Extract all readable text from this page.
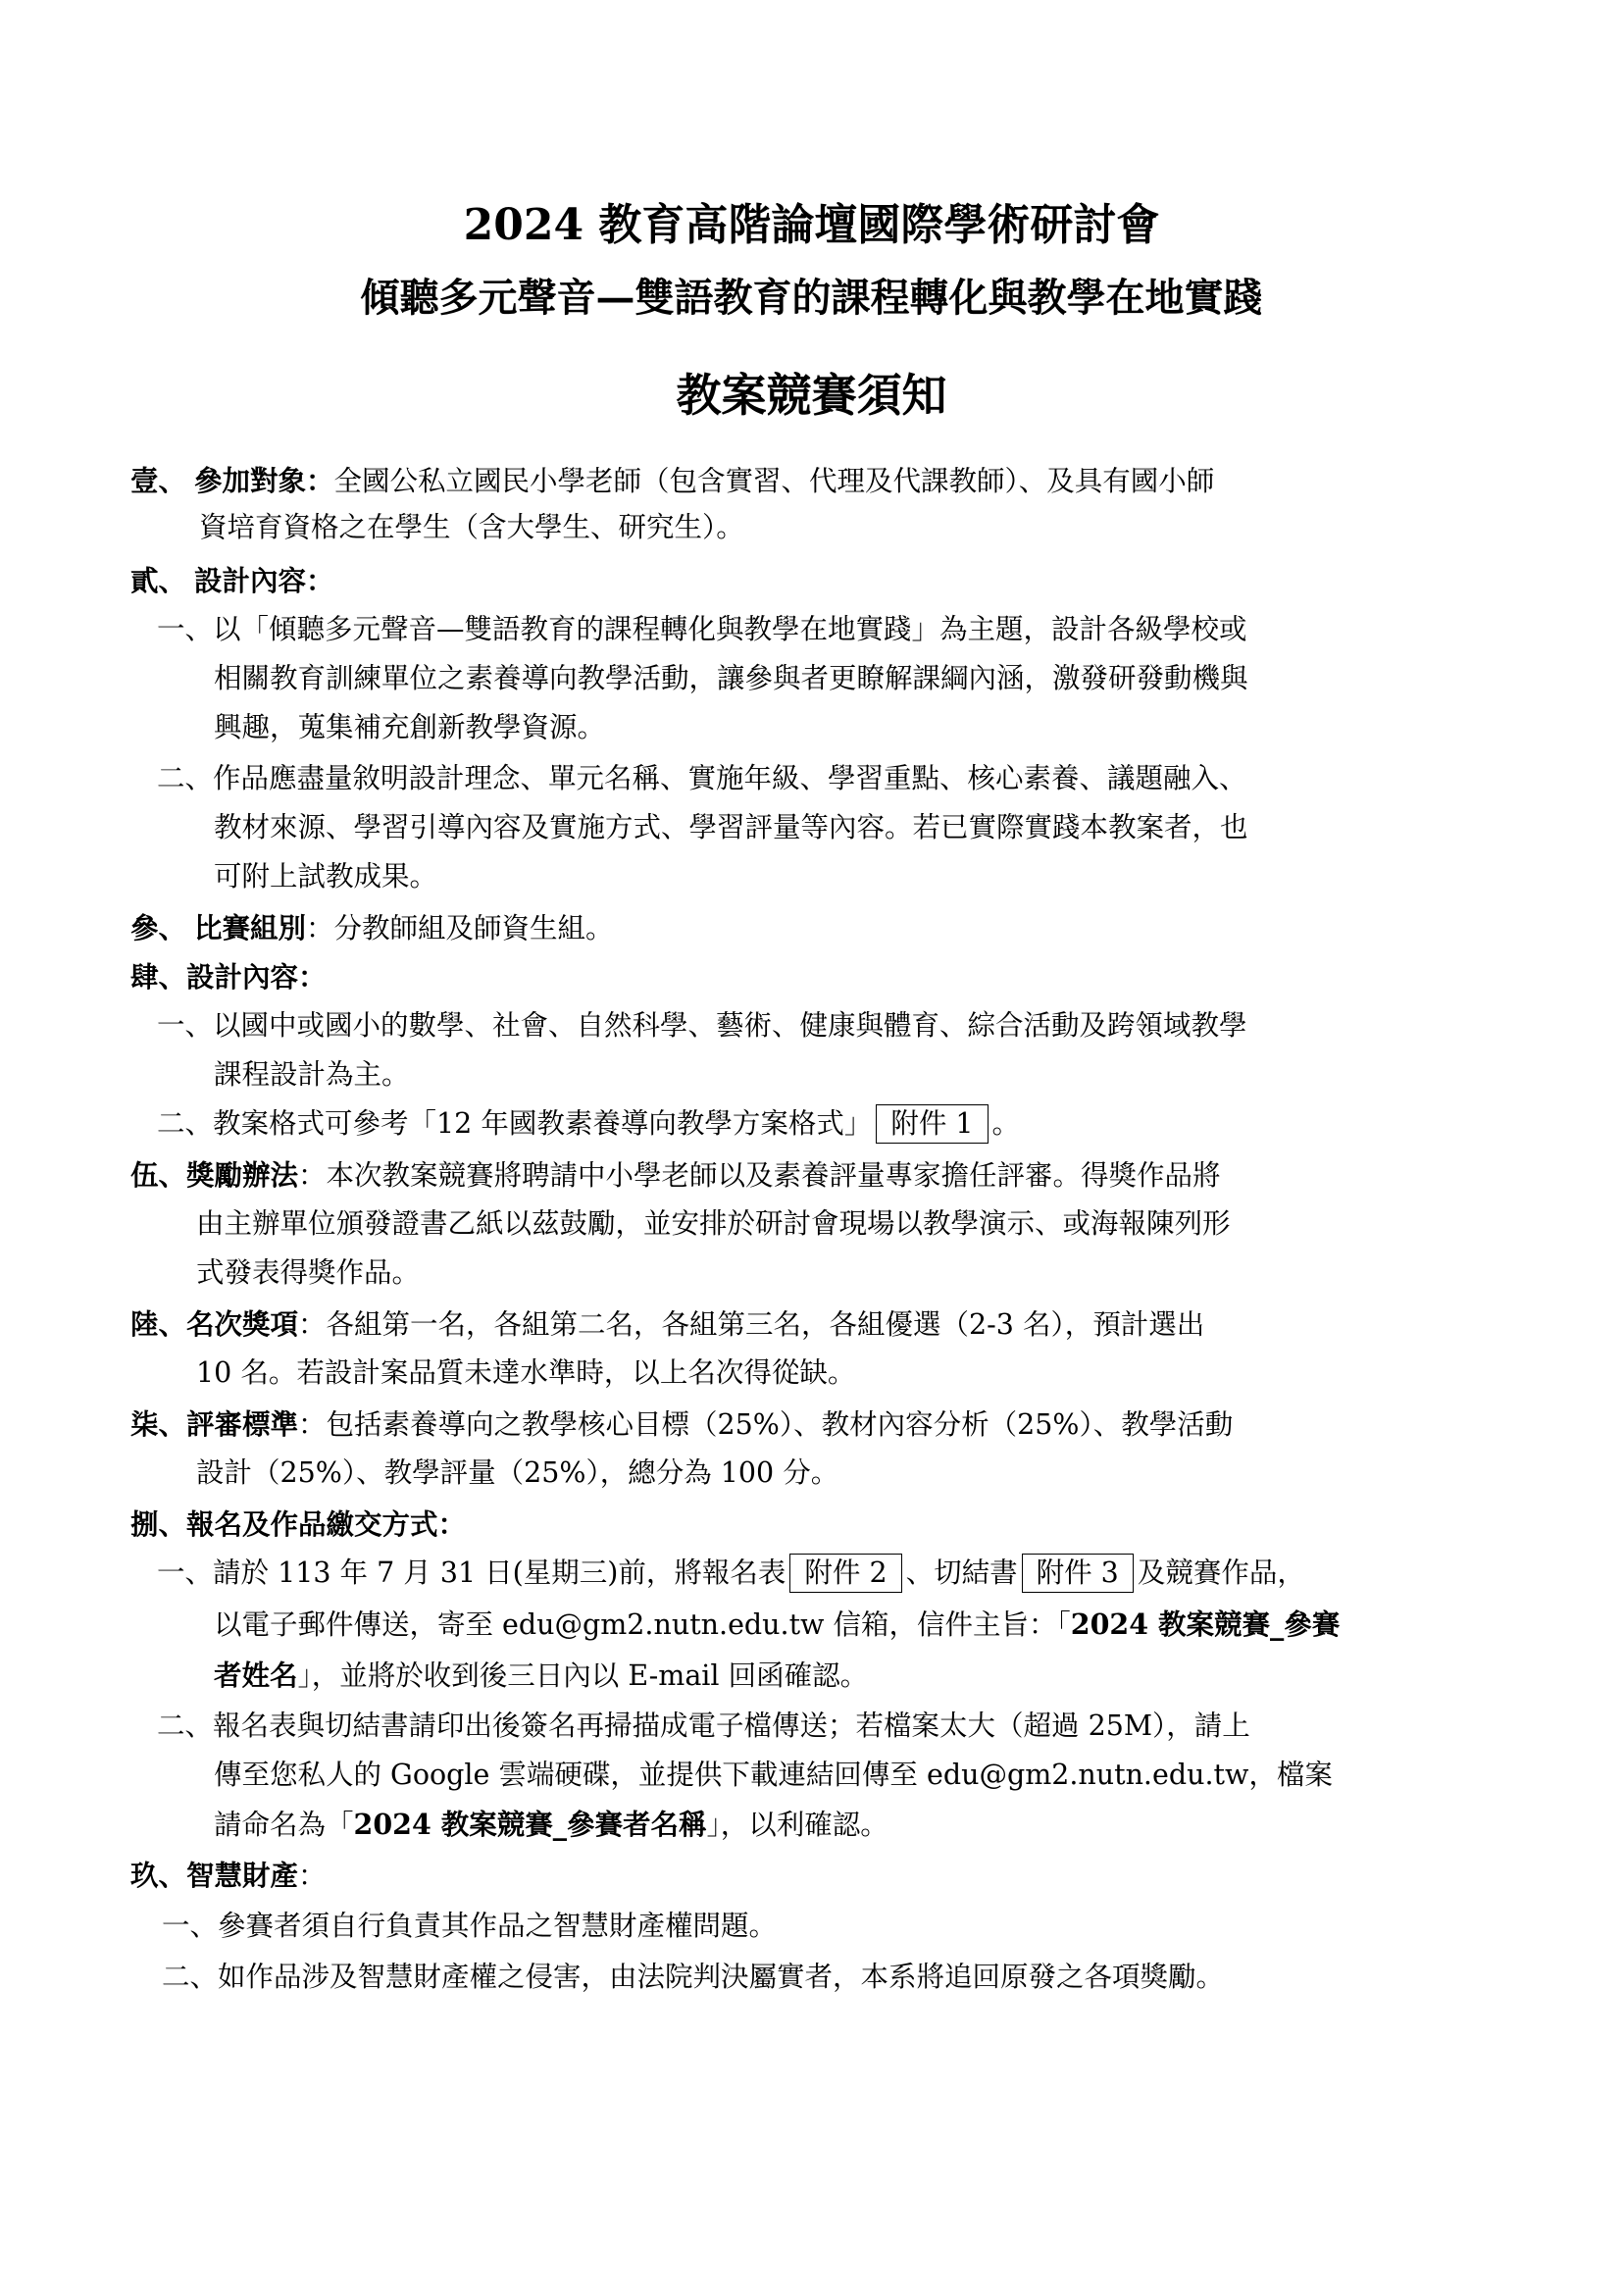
2024 教育高階論壇國際學術研討會
傾聽多元聲音—雙語教育的課程轉化與教學在地實踐
教案競賽須知
壹、 參加對象：全國公私立國民小學老師（包含實習、代理及代課教師）、及具有國小師
資培育資格之在學生（含大學生、研究生）。
貳、 設計內容：
一、以「傾聽多元聲音—雙語教育的課程轉化與教學在地實踐」為主題，設計各級學校或
相關教育訓練單位之素養導向教學活動，讓參與者更瞭解課綱內涵，激發研發動機與
興趣，蒐集補充創新教學資源。
二、作品應盡量敘明設計理念、單元名稱、實施年級、學習重點、核心素養、議題融入、
教材來源、學習引導內容及實施方式、學習評量等內容。若已實際實踐本教案者，也
可附上試教成果。
參、 比賽組別：分教師組及師資生組。
肆、設計內容：
一、以國中或國小的數學、社會、自然科學、藝術、健康與體育、綜合活動及跨領域教學
課程設計為主。
二、教案格式可參考「12 年國教素養導向教學方案格式」 附件 1 。
伍、獎勵辦法：本次教案競賽將聘請中小學老師以及素養評量專家擔任評審。得獎作品將
由主辦單位頒發證書乙紙以茲鼓勵，並安排於研討會現場以教學演示、或海報陳列形
式發表得獎作品。
陸、名次獎項：各組第一名，各組第二名，各組第三名，各組優選（2-3 名），預計選出
10 名。若設計案品質未達水準時，以上名次得從缺。
柒、評審標準：包括素養導向之教學核心目標（25%）、教材內容分析（25%）、教學活動
設計（25%）、教學評量（25%），總分為 100 分。
捌、報名及作品繳交方式：
一、請於 113 年 7 月 31 日(星期三)前，將報名表 附件 2 、切結書 附件 3 及競賽作品，
以電子郵件傳送，寄至 edu@gm2.nutn.edu.tw 信箱，信件主旨：「2024 教案競賽_參賽
者姓名」，並將於收到後三日內以 E-mail 回函確認。
二、報名表與切結書請印出後簽名再掃描成電子檔傳送；若檔案太大（超過 25M），請上
傳至您私人的 Google 雲端硬碟，並提供下載連結回傳至 edu@gm2.nutn.edu.tw，檔案
請命名為「2024 教案競賽_參賽者名稱」，以利確認。
玖、智慧財產：
一、參賽者須自行負責其作品之智慧財產權問題。
二、如作品涉及智慧財產權之侵害，由法院判決屬實者，本系將追回原發之各項獎勵。
